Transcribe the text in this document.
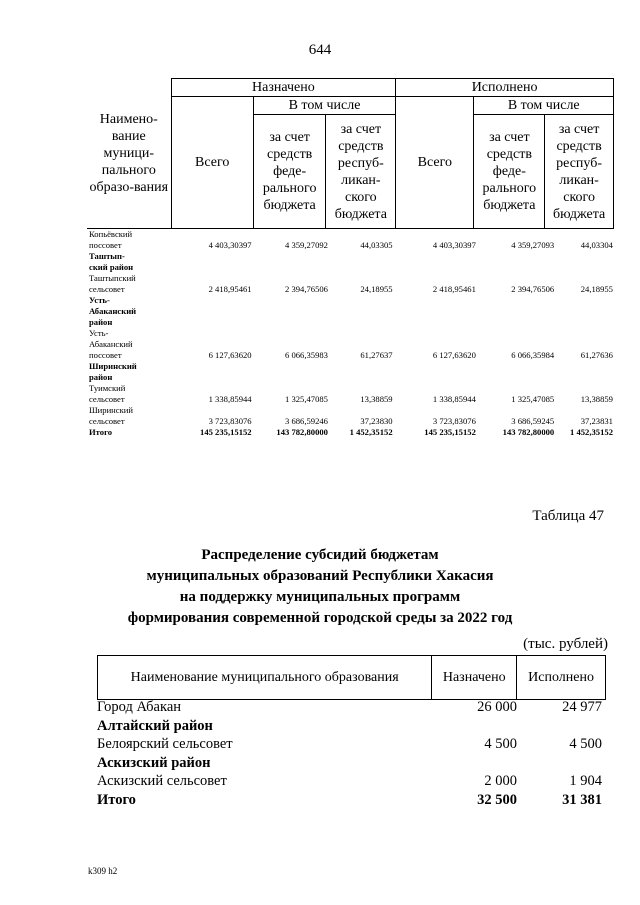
644
Наимено-вание муници-пального образо-вания	Назначено			Исполнено		
	Всего	В том числе		Всего	В том числе	
		за счет средств феде-рального бюджета	за счет средств респуб-ликан-ского бюджета		за счет средств феде-рального бюджета	за счет средств респуб-ликан-ского бюджета
Копьёвский
поссовет	4 403,30397	4 359,27092	44,03305	4 403,30397	4 359,27093	44,03304
Таштып-
ский район
Таштыпский
сельсовет	2 418,95461	2 394,76506	24,18955	2 418,95461	2 394,76506	24,18955
Усть-
Абаканский
район
Усть-
Абаканский
поссовет	6 127,63620	6 066,35983	61,27637	6 127,63620	6 066,35984	61,27636
Ширинский
район
Туимский
сельсовет	1 338,85944	1 325,47085	13,38859	1 338,85944	1 325,47085	13,38859
Ширинский
сельсовет	3 723,83076	3 686,59246	37,23830	3 723,83076	3 686,59245	37,23831
Итого	145 235,15152	143 782,80000	1 452,35152	145 235,15152	143 782,80000	1 452,35152
Таблица 47
Распределение субсидий бюджетам
муниципальных образований Республики Хакасия
на поддержку муниципальных программ
формирования современной городской среды за 2022 год
(тыс. рублей)
Наименование муниципального образования	Назначено	Исполнено
Город Абакан	26 000	24 977
Алтайский район
Белоярский сельсовет	4 500	4 500
Аскизский район
Аскизский сельсовет	2 000	1 904
Итого	32 500	31 381
k309 h2
